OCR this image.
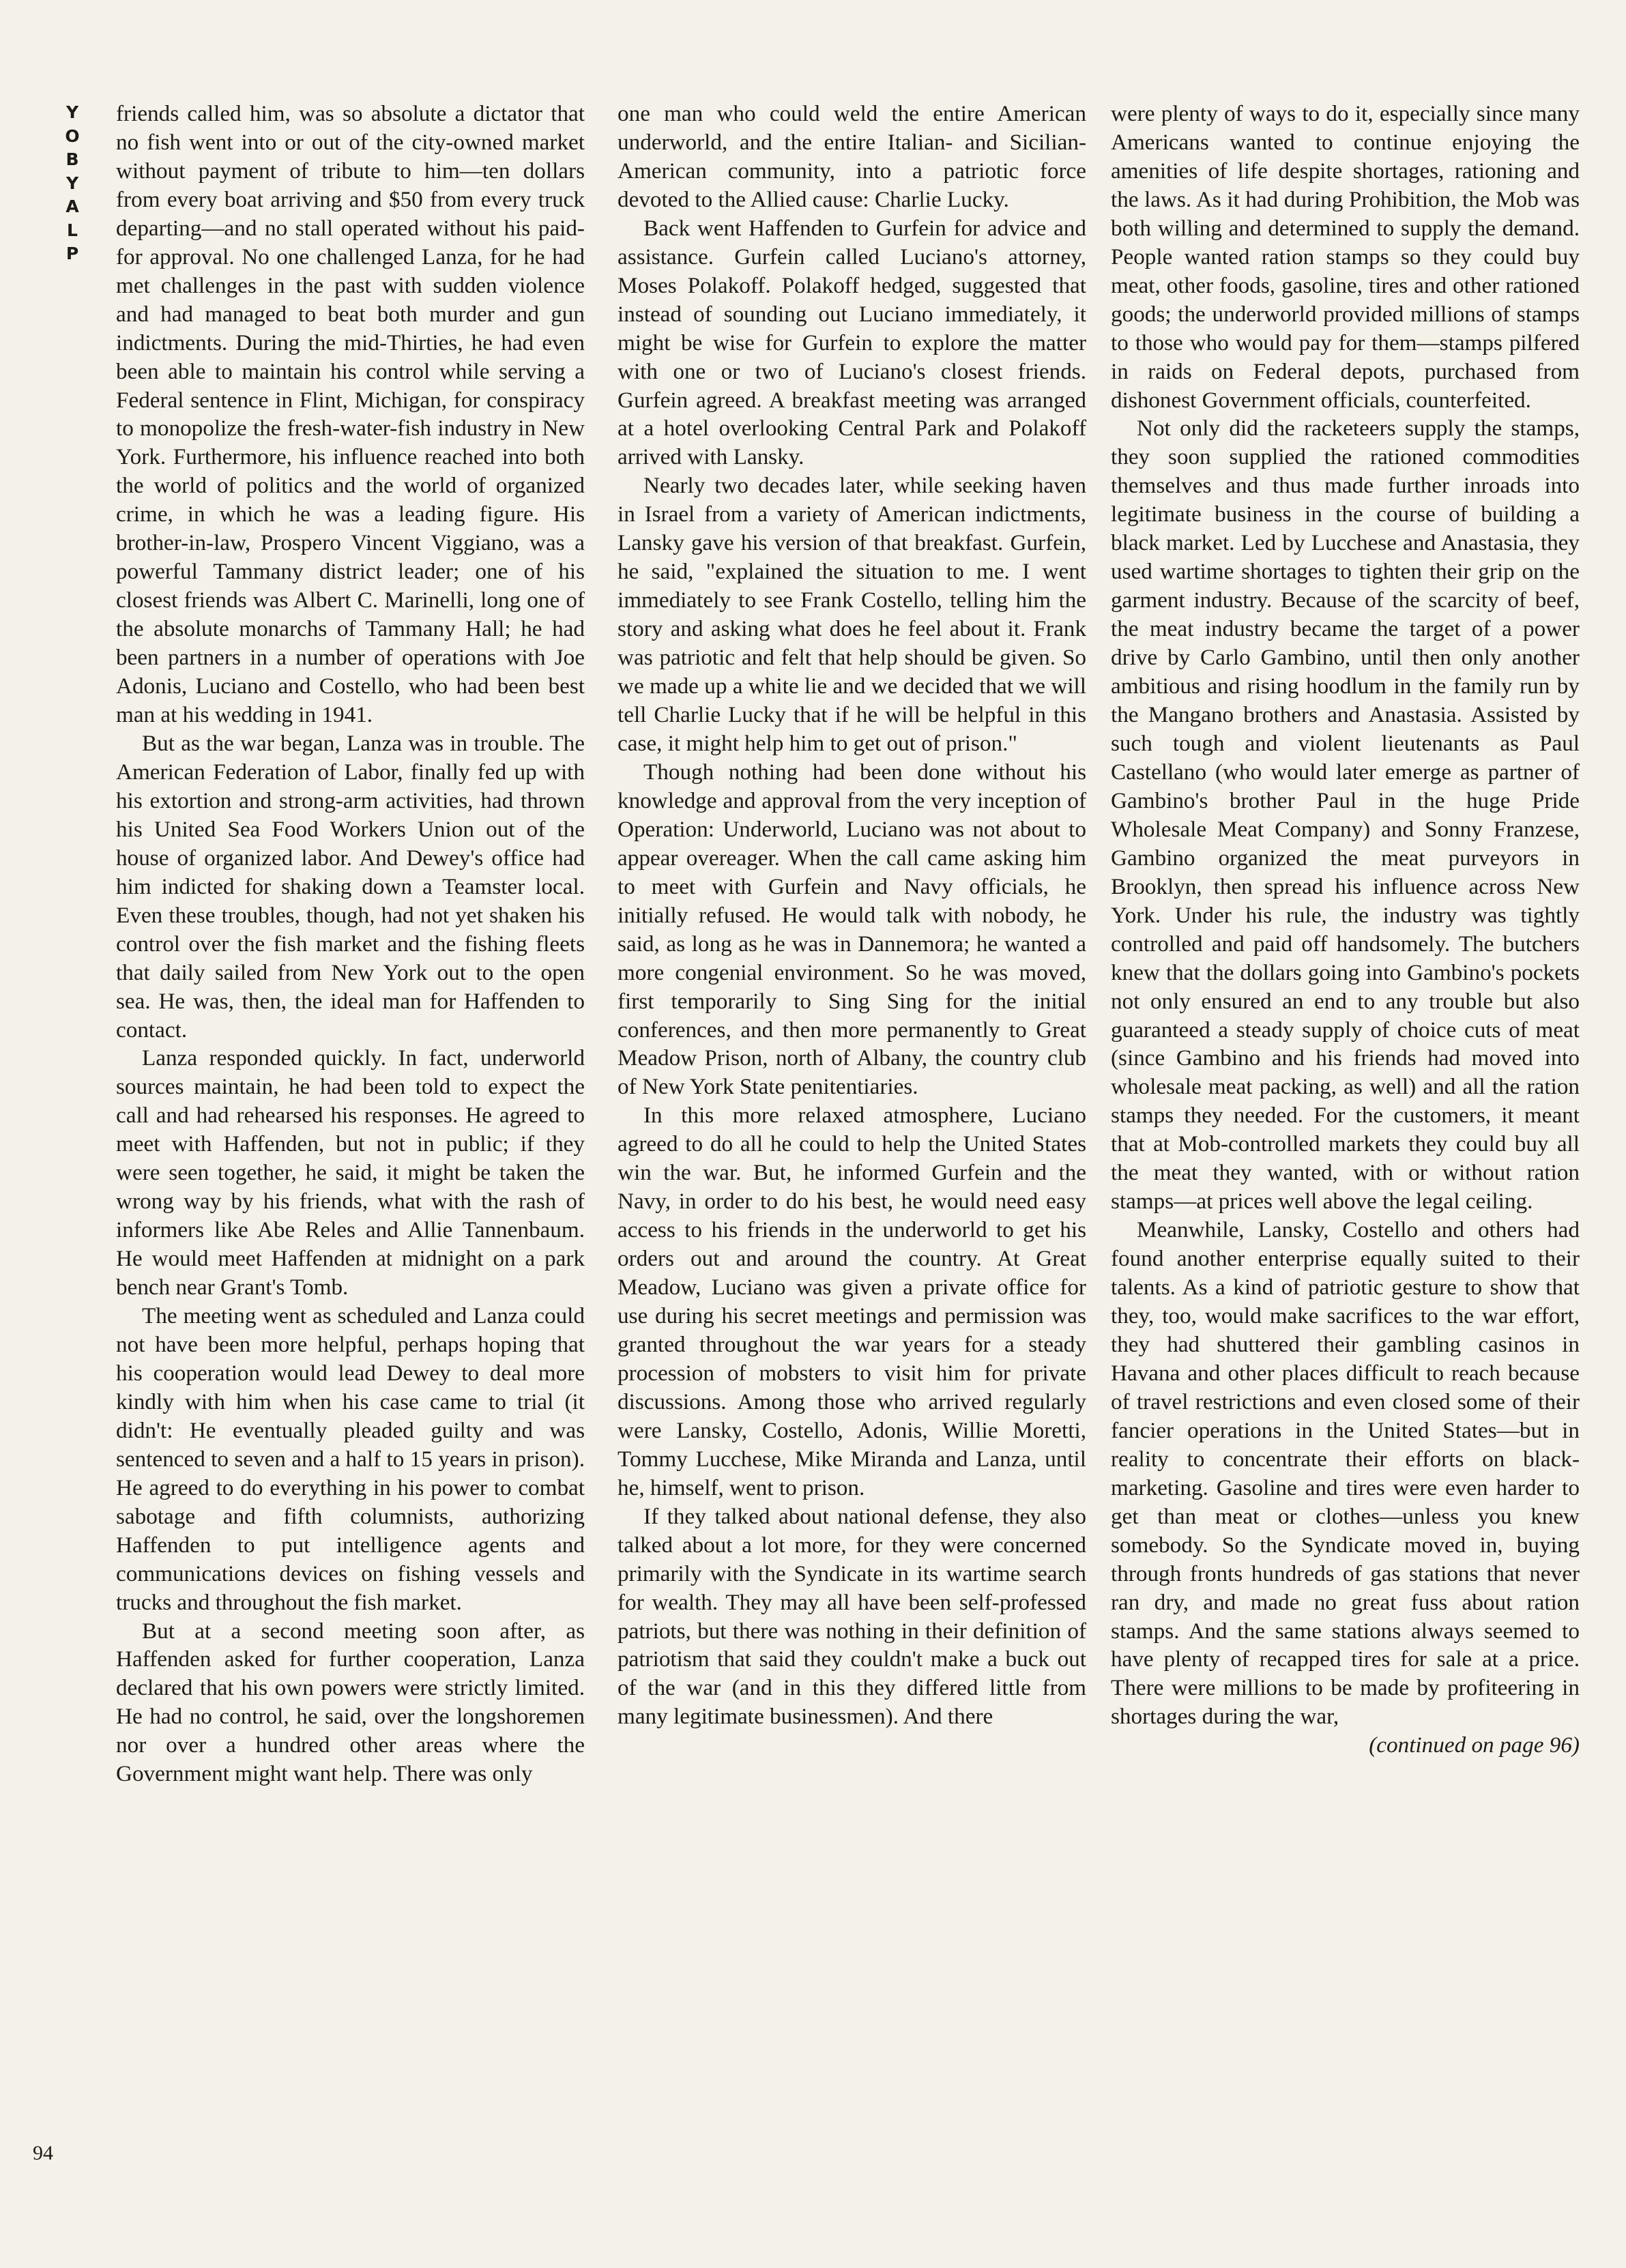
Y
O
B
Y
A
L
P

friends called him, was so absolute a dictator that no fish went into or out of the city-owned market without payment of tribute to him—ten dollars from every boat arriving and $50 from every truck departing—and no stall operated without his paid-for approval. No one challenged Lanza, for he had met challenges in the past with sudden violence and had managed to beat both murder and gun indictments. During the mid-Thirties, he had even been able to maintain his control while serving a Federal sentence in Flint, Michigan, for conspiracy to monopolize the fresh-water-fish industry in New York. Furthermore, his influence reached into both the world of politics and the world of organized crime, in which he was a leading figure. His brother-in-law, Prospero Vincent Viggiano, was a powerful Tammany district leader; one of his closest friends was Albert C. Marinelli, long one of the absolute monarchs of Tammany Hall; he had been partners in a number of operations with Joe Adonis, Luciano and Costello, who had been best man at his wedding in 1941.

But as the war began, Lanza was in trouble. The American Federation of Labor, finally fed up with his extortion and strong-arm activities, had thrown his United Sea Food Workers Union out of the house of organized labor. And Dewey's office had him indicted for shaking down a Teamster local. Even these troubles, though, had not yet shaken his control over the fish market and the fishing fleets that daily sailed from New York out to the open sea. He was, then, the ideal man for Haffenden to contact.

Lanza responded quickly. In fact, underworld sources maintain, he had been told to expect the call and had rehearsed his responses. He agreed to meet with Haffenden, but not in public; if they were seen together, he said, it might be taken the wrong way by his friends, what with the rash of informers like Abe Reles and Allie Tannenbaum. He would meet Haffenden at midnight on a park bench near Grant's Tomb.

The meeting went as scheduled and Lanza could not have been more helpful, perhaps hoping that his cooperation would lead Dewey to deal more kindly with him when his case came to trial (it didn't: He eventually pleaded guilty and was sentenced to seven and a half to 15 years in prison). He agreed to do everything in his power to combat sabotage and fifth columnists, authorizing Haffenden to put intelligence agents and communications devices on fishing vessels and trucks and throughout the fish market.

But at a second meeting soon after, as Haffenden asked for further cooperation, Lanza declared that his own powers were strictly limited. He had no control, he said, over the longshoremen nor over a hundred other areas where the Government might want help. There was only

one man who could weld the entire American underworld, and the entire Italian- and Sicilian-American community, into a patriotic force devoted to the Allied cause: Charlie Lucky.

Back went Haffenden to Gurfein for advice and assistance. Gurfein called Luciano's attorney, Moses Polakoff. Polakoff hedged, suggested that instead of sounding out Luciano immediately, it might be wise for Gurfein to explore the matter with one or two of Luciano's closest friends. Gurfein agreed. A breakfast meeting was arranged at a hotel overlooking Central Park and Polakoff arrived with Lansky.

Nearly two decades later, while seeking haven in Israel from a variety of American indictments, Lansky gave his version of that breakfast. Gurfein, he said, "explained the situation to me. I went immediately to see Frank Costello, telling him the story and asking what does he feel about it. Frank was patriotic and felt that help should be given. So we made up a white lie and we decided that we will tell Charlie Lucky that if he will be helpful in this case, it might help him to get out of prison."

Though nothing had been done without his knowledge and approval from the very inception of Operation: Underworld, Luciano was not about to appear overeager. When the call came asking him to meet with Gurfein and Navy officials, he initially refused. He would talk with nobody, he said, as long as he was in Dannemora; he wanted a more congenial environment. So he was moved, first temporarily to Sing Sing for the initial conferences, and then more permanently to Great Meadow Prison, north of Albany, the country club of New York State penitentiaries.

In this more relaxed atmosphere, Luciano agreed to do all he could to help the United States win the war. But, he informed Gurfein and the Navy, in order to do his best, he would need easy access to his friends in the underworld to get his orders out and around the country. At Great Meadow, Luciano was given a private office for use during his secret meetings and permission was granted throughout the war years for a steady procession of mobsters to visit him for private discussions. Among those who arrived regularly were Lansky, Costello, Adonis, Willie Moretti, Tommy Lucchese, Mike Miranda and Lanza, until he, himself, went to prison.

If they talked about national defense, they also talked about a lot more, for they were concerned primarily with the Syndicate in its wartime search for wealth. They may all have been self-professed patriots, but there was nothing in their definition of patriotism that said they couldn't make a buck out of the war (and in this they differed little from many legitimate businessmen). And there

were plenty of ways to do it, especially since many Americans wanted to continue enjoying the amenities of life despite shortages, rationing and the laws. As it had during Prohibition, the Mob was both willing and determined to supply the demand. People wanted ration stamps so they could buy meat, other foods, gasoline, tires and other rationed goods; the underworld provided millions of stamps to those who would pay for them—stamps pilfered in raids on Federal depots, purchased from dishonest Government officials, counterfeited.

Not only did the racketeers supply the stamps, they soon supplied the rationed commodities themselves and thus made further inroads into legitimate business in the course of building a black market. Led by Lucchese and Anastasia, they used wartime shortages to tighten their grip on the garment industry. Because of the scarcity of beef, the meat industry became the target of a power drive by Carlo Gambino, until then only another ambitious and rising hoodlum in the family run by the Mangano brothers and Anastasia. Assisted by such tough and violent lieutenants as Paul Castellano (who would later emerge as partner of Gambino's brother Paul in the huge Pride Wholesale Meat Company) and Sonny Franzese, Gambino organized the meat purveyors in Brooklyn, then spread his influence across New York. Under his rule, the industry was tightly controlled and paid off handsomely. The butchers knew that the dollars going into Gambino's pockets not only ensured an end to any trouble but also guaranteed a steady supply of choice cuts of meat (since Gambino and his friends had moved into wholesale meat packing, as well) and all the ration stamps they needed. For the customers, it meant that at Mob-controlled markets they could buy all the meat they wanted, with or without ration stamps—at prices well above the legal ceiling.

Meanwhile, Lansky, Costello and others had found another enterprise equally suited to their talents. As a kind of patriotic gesture to show that they, too, would make sacrifices to the war effort, they had shuttered their gambling casinos in Havana and other places difficult to reach because of travel restrictions and even closed some of their fancier operations in the United States—but in reality to concentrate their efforts on black-marketing. Gasoline and tires were even harder to get than meat or clothes—unless you knew somebody. So the Syndicate moved in, buying through fronts hundreds of gas stations that never ran dry, and made no great fuss about ration stamps. And the same stations always seemed to have plenty of recapped tires for sale at a price. There were millions to be made by profiteering in shortages during the war,

(continued on page 96)

94
